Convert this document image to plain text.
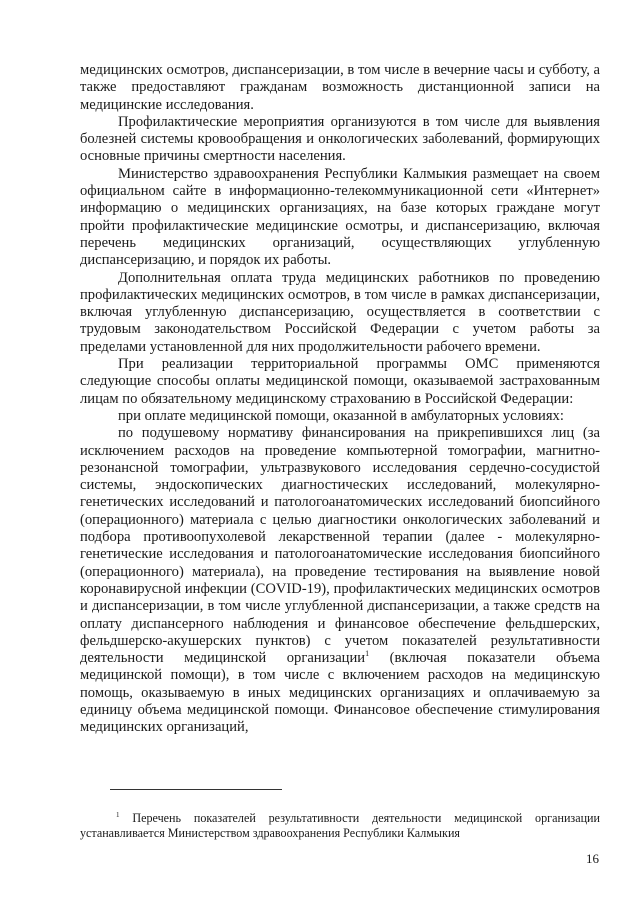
медицинских осмотров, диспансеризации, в том числе в вечерние часы и субботу, а также предоставляют гражданам возможность дистанционной записи на медицинские исследования.

Профилактические мероприятия организуются в том числе для выявления болезней системы кровообращения и онкологических заболеваний, формирующих основные причины смертности населения.

Министерство здравоохранения Республики Калмыкия размещает на своем официальном сайте в информационно-телекоммуникационной сети «Интернет» информацию о медицинских организациях, на базе которых граждане могут пройти профилактические медицинские осмотры, и диспансеризацию, включая перечень медицинских организаций, осуществляющих углубленную диспансеризацию, и порядок их работы.

Дополнительная оплата труда медицинских работников по проведению профилактических медицинских осмотров, в том числе в рамках диспансеризации, включая углубленную диспансеризацию, осуществляется в соответствии с трудовым законодательством Российской Федерации с учетом работы за пределами установленной для них продолжительности рабочего времени.

При реализации территориальной программы ОМС применяются следующие способы оплаты медицинской помощи, оказываемой застрахованным лицам по обязательному медицинскому страхованию в Российской Федерации:

при оплате медицинской помощи, оказанной в амбулаторных условиях:

по подушевому нормативу финансирования на прикрепившихся лиц (за исключением расходов на проведение компьютерной томографии, магнитно-резонансной томографии, ультразвукового исследования сердечно-сосудистой системы, эндоскопических диагностических исследований, молекулярно-генетических исследований и патологоанатомических исследований биопсийного (операционного) материала с целью диагностики онкологических заболеваний и подбора противоопухолевой лекарственной терапии (далее - молекулярно-генетические исследования и патологоанатомические исследования биопсийного (операционного) материала), на проведение тестирования на выявление новой коронавирусной инфекции (COVID-19), профилактических медицинских осмотров и диспансеризации, в том числе углубленной диспансеризации, а также средств на оплату диспансерного наблюдения и финансовое обеспечение фельдшерских, фельдшерско-акушерских пунктов) с учетом показателей результативности деятельности медицинской организации$^1$ (включая показатели объема медицинской помощи), в том числе с включением расходов на медицинскую помощь, оказываемую в иных медицинских организациях и оплачиваемую за единицу объема медицинской помощи. Финансовое обеспечение стимулирования медицинских организаций,

$^1$ Перечень показателей результативности деятельности медицинской организации устанавливается Министерством здравоохранения Республики Калмыкия

16
